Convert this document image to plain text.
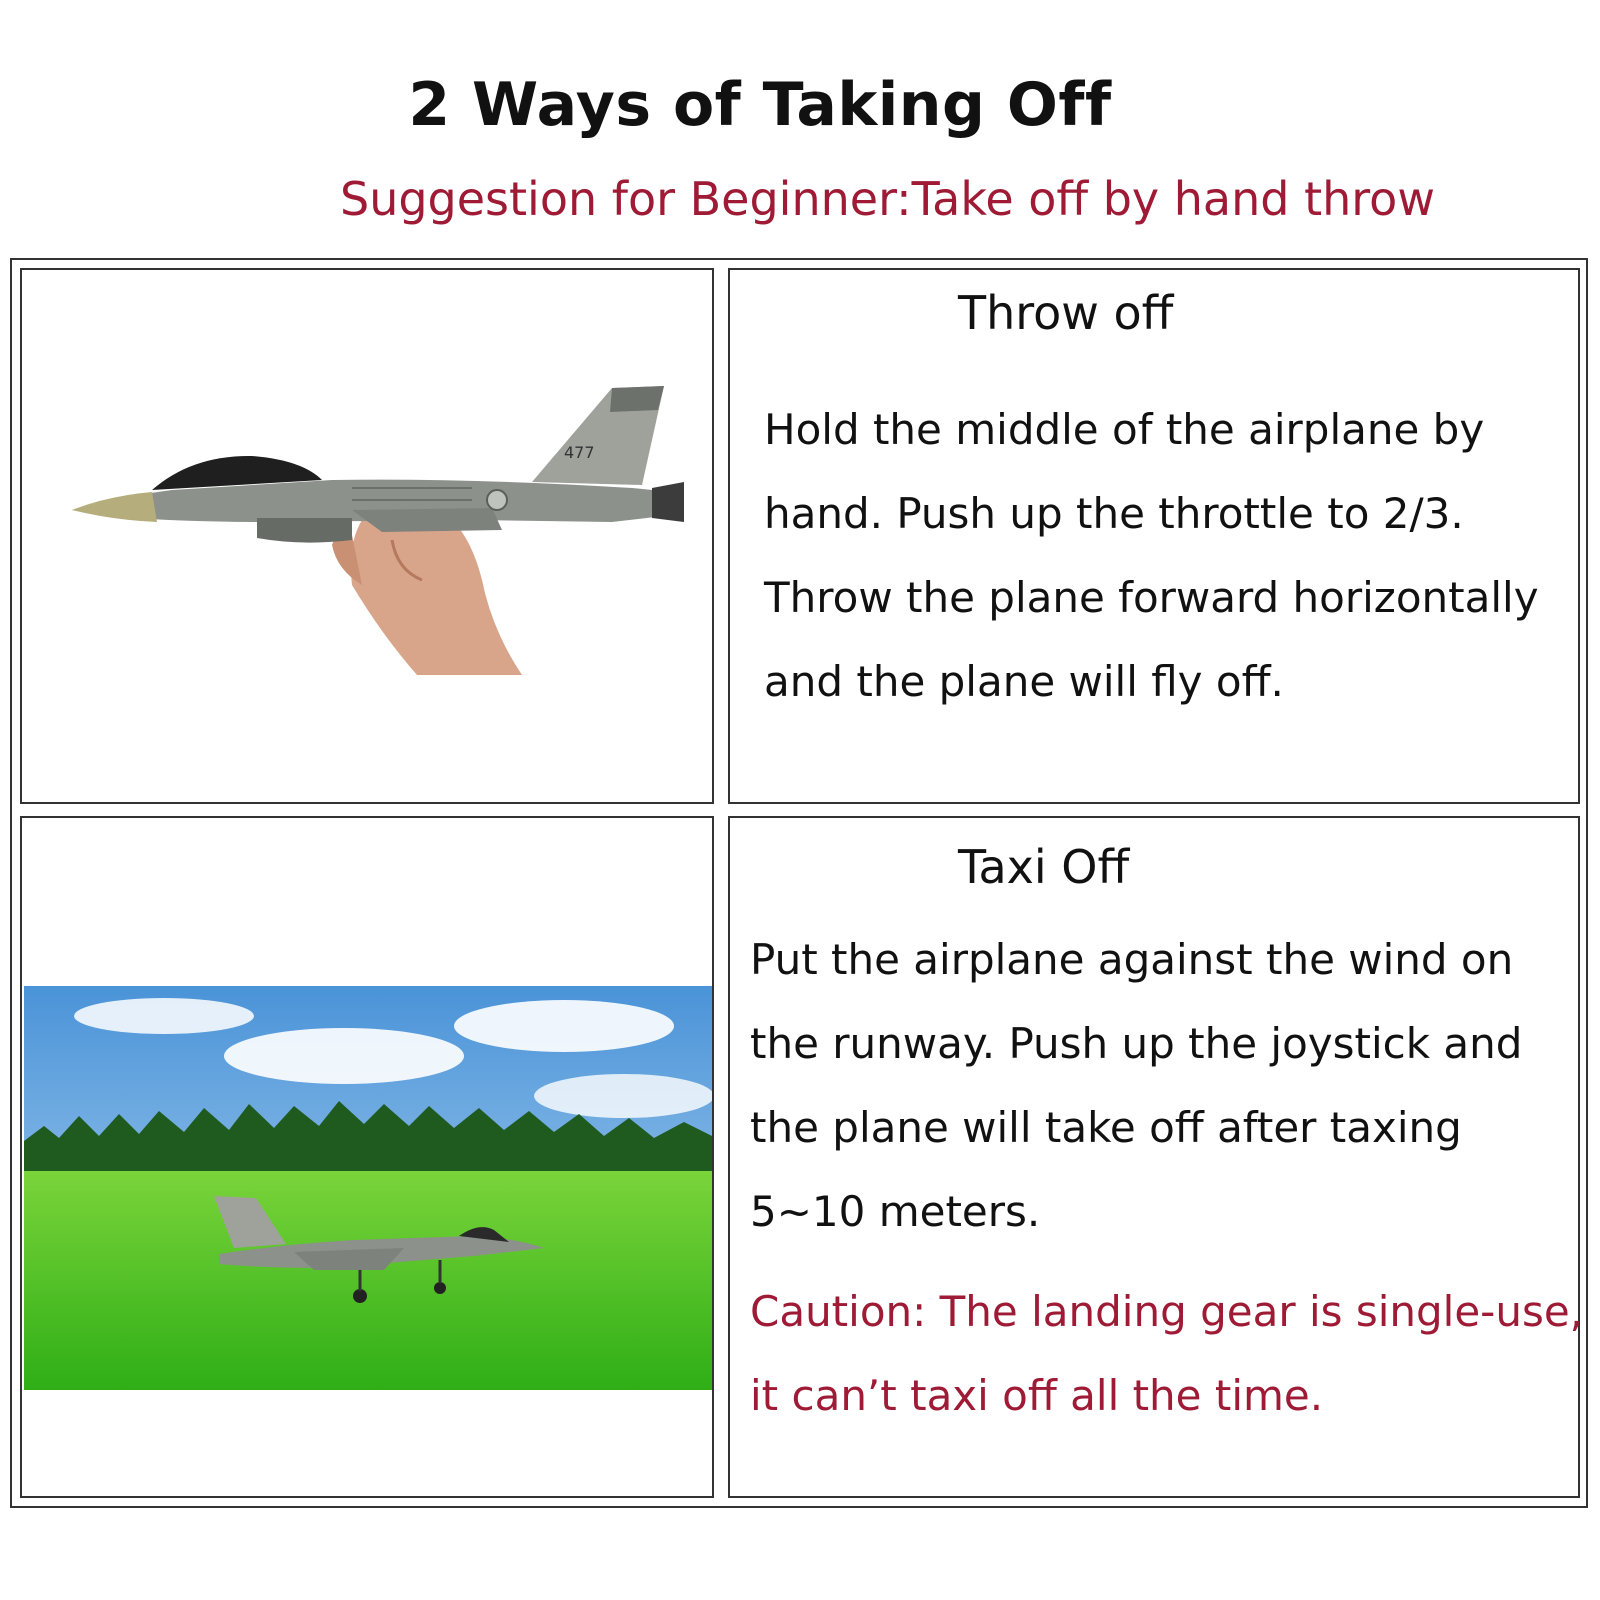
2 Ways of Taking Off
Suggestion for Beginner:Take off by hand throw
477
Throw off
Hold the middle of the airplane by
hand. Push up the throttle to 2/3.
Throw the plane forward horizontally
and the plane will fly off.
Taxi Off
Put the airplane against the wind on
the runway. Push up the joystick and
the plane will take off after taxing
5~10 meters.
Caution: The landing gear is single-use,
it can’t taxi off all the time.
